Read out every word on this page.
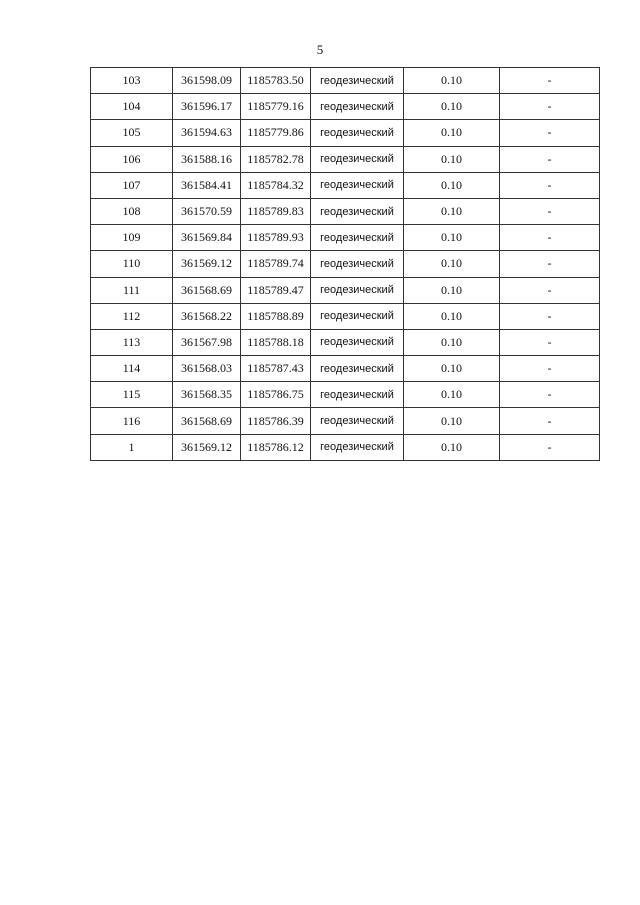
5
103	361598.09	1185783.50	геодезический	0.10	-
104	361596.17	1185779.16	геодезический	0.10	-
105	361594.63	1185779.86	геодезический	0.10	-
106	361588.16	1185782.78	геодезический	0.10	-
107	361584.41	1185784.32	геодезический	0.10	-
108	361570.59	1185789.83	геодезический	0.10	-
109	361569.84	1185789.93	геодезический	0.10	-
110	361569.12	1185789.74	геодезический	0.10	-
111	361568.69	1185789.47	геодезический	0.10	-
112	361568.22	1185788.89	геодезический	0.10	-
113	361567.98	1185788.18	геодезический	0.10	-
114	361568.03	1185787.43	геодезический	0.10	-
115	361568.35	1185786.75	геодезический	0.10	-
116	361568.69	1185786.39	геодезический	0.10	-
1	361569.12	1185786.12	геодезический	0.10	-
